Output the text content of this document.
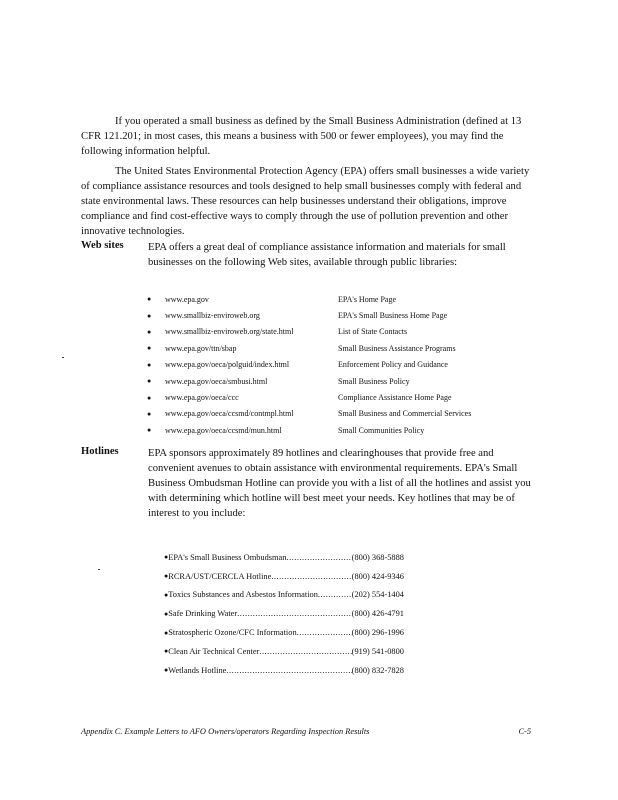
If you operated a small business as defined by the Small Business Administration (defined at 13 CFR 121.201; in most cases, this means a business with 500 or fewer employees), you may find the following information helpful.

The United States Environmental Protection Agency (EPA) offers small businesses a wide variety of compliance assistance resources and tools designed to help small businesses comply with federal and state environmental laws. These resources can help businesses understand their obligations, improve compliance and find cost-effective ways to comply through the use of pollution prevention and other innovative technologies.

Web sites EPA offers a great deal of compliance assistance information and materials for small businesses on the following Web sites, available through public libraries:

●	www.epa.gov	EPA's Home Page
●	www.smallbiz-enviroweb.org	EPA's Small Business Home Page
●	www.smallbiz-enviroweb.org/state.html	List of State Contacts
●	www.epa.gov/ttn/sbap	Small Business Assistance Programs
●	www.epa.gov/oeca/polguid/index.html	Enforcement Policy and Guidance
●	www.epa.gov/oeca/smbusi.html	Small Business Policy
●	www.epa.gov/oeca/ccc	Compliance Assistance Home Page
●	www.epa.gov/oeca/ccsmd/contmpl.html	Small Business and Commercial Services
●	www.epa.gov/oeca/ccsmd/mun.html	Small Communities Policy
Hotlines	EPA sponsors approximately 89 hotlines and clearinghouses that provide free and convenient avenues to obtain assistance with environmental requirements. EPA's Small Business Ombudsman Hotline can provide you with a list of all the hotlines and assist you with determining which hotline will best meet your needs. Key hotlines that may be of interest to you include:

● EPA's Small Business Ombudsman .....	(800) 368-5888
● RCRA/UST/CERCLA Hotline .....	(800) 424-9346
● Toxics Substances and Asbestos Information .....	(202) 554-1404
● Safe Drinking Water .....	(800) 426-4791
● Stratospheric Ozone/CFC Information .....	(800) 296-1996
● Clean Air Technical Center .....	(919) 541-0800
● Wetlands Hotline .....	(800) 832-7828
Appendix C. Example Letters to AFO Owners/operators Regarding Inspection Results	C-5
